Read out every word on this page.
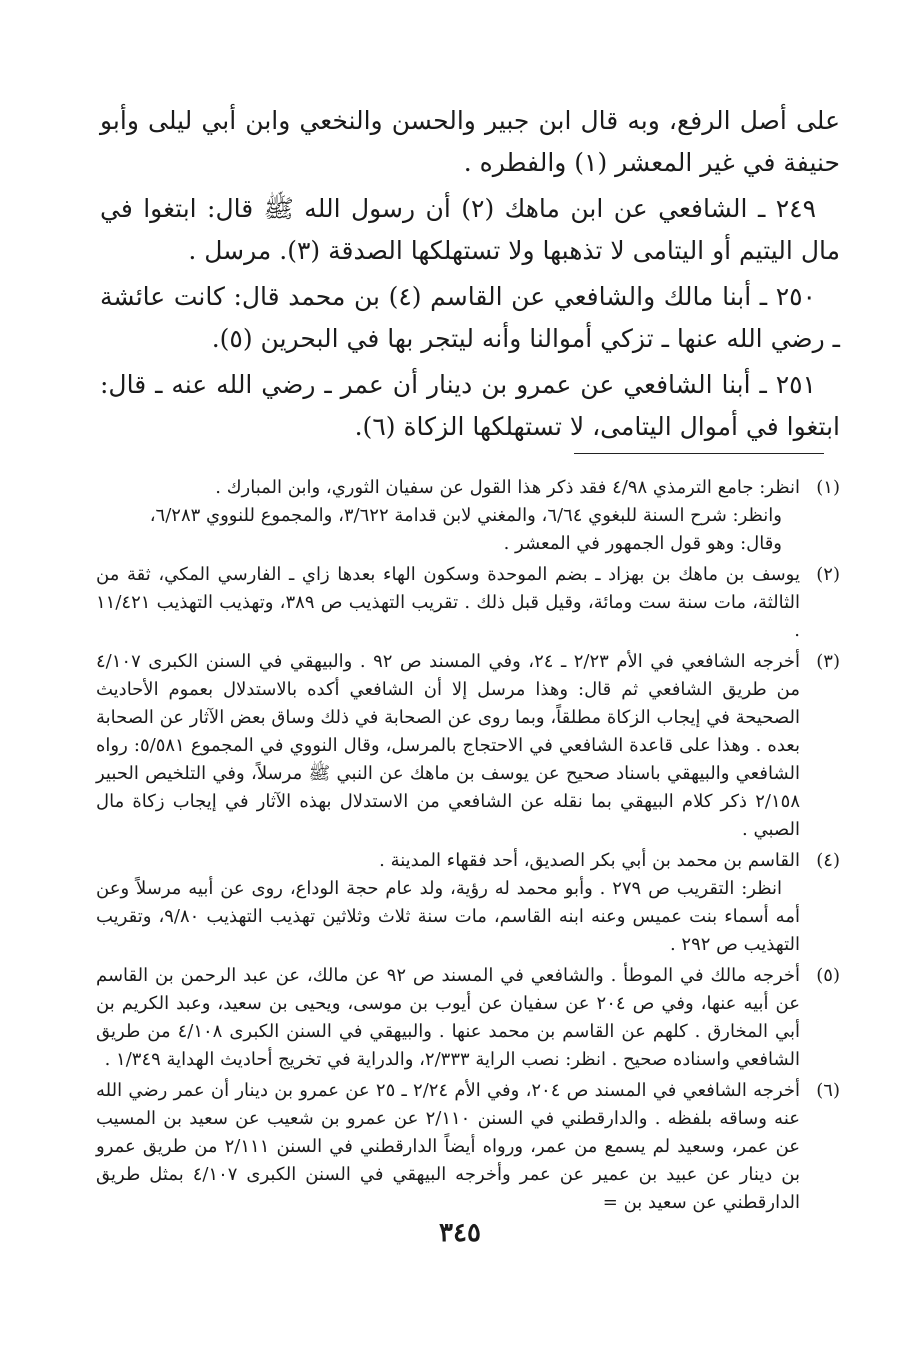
على أصل الرفع، وبه قال ابن جبير والحسن والنخعي وابن أبي ليلى وأبو حنيفة في غير المعشر (١) والفطره .

٢٤٩ ـ الشافعي عن ابن ماهك (٢) أن رسول الله ﷺ قال: ابتغوا في مال اليتيم أو اليتامى لا تذهبها ولا تستهلكها الصدقة (٣). مرسل .

٢٥٠ ـ أبنا مالك والشافعي عن القاسم (٤) بن محمد قال: كانت عائشة ـ رضي الله عنها ـ تزكي أموالنا وأنه ليتجر بها في البحرين (٥).

٢٥١ ـ أبنا الشافعي عن عمرو بن دينار أن عمر ـ رضي الله عنه ـ قال: ابتغوا في أموال اليتامى، لا تستهلكها الزكاة (٦).

(١)
انظر: جامع الترمذي ٤/٩٨ فقد ذكر هذا القول عن سفيان الثوري، وابن المبارك .
وانظر: شرح السنة للبغوي ٦/٦٤، والمغني لابن قدامة ٣/٦٢٢، والمجموع للنووي ٦/٢٨٣،
وقال: وهو قول الجمهور في المعشر .
(٢)
يوسف بن ماهك بن بهزاد ـ بضم الموحدة وسكون الهاء بعدها زاي ـ الفارسي المكي، ثقة من الثالثة، مات سنة ست ومائة، وقيل قبل ذلك . تقريب التهذيب ص ٣٨٩، وتهذيب التهذيب ١١/٤٢١ .
(٣)
أخرجه الشافعي في الأم ٢/٢٣ ـ ٢٤، وفي المسند ص ٩٢ . والبيهقي في السنن الكبرى ٤/١٠٧ من طريق الشافعي ثم قال: وهذا مرسل إلا أن الشافعي أكده بالاستدلال بعموم الأحاديث الصحيحة في إيجاب الزكاة مطلقاً، وبما روى عن الصحابة في ذلك وساق بعض الآثار عن الصحابة بعده . وهذا على قاعدة الشافعي في الاحتجاج بالمرسل، وقال النووي في المجموع ٥/٥٨١: رواه الشافعي والبيهقي باسناد صحيح عن يوسف بن ماهك عن النبي ﷺ مرسلاً، وفي التلخيص الحبير ٢/١٥٨ ذكر كلام البيهقي بما نقله عن الشافعي من الاستدلال بهذه الآثار في إيجاب زكاة مال الصبي .
(٤)
القاسم بن محمد بن أبي بكر الصديق، أحد فقهاء المدينة .
انظر: التقريب ص ٢٧٩ . وأبو محمد له رؤية، ولد عام حجة الوداع، روى عن أبيه مرسلاً وعن أمه أسماء بنت عميس وعنه ابنه القاسم، مات سنة ثلاث وثلاثين تهذيب التهذيب ٩/٨٠، وتقريب التهذيب ص ٢٩٢ .
(٥)
أخرجه مالك في الموطأ . والشافعي في المسند ص ٩٢ عن مالك، عن عبد الرحمن بن القاسم عن أبيه عنها، وفي ص ٢٠٤ عن سفيان عن أيوب بن موسى، ويحيى بن سعيد، وعبد الكريم بن أبي المخارق . كلهم عن القاسم بن محمد عنها . والبيهقي في السنن الكبرى ٤/١٠٨ من طريق الشافعي واسناده صحيح . انظر: نصب الراية ٢/٣٣٣، والدراية في تخريج أحاديث الهداية ١/٣٤٩ .
(٦)
أخرجه الشافعي في المسند ص ٢٠٤، وفي الأم ٢/٢٤ ـ ٢٥ عن عمرو بن دينار أن عمر رضي الله عنه وساقه بلفظه . والدارقطني في السنن ٢/١١٠ عن عمرو بن شعيب عن سعيد بن المسيب عن عمر، وسعيد لم يسمع من عمر، ورواه أيضاً الدارقطني في السنن ٢/١١١ من طريق عمرو بن دينار عن عبيد بن عمير عن عمر وأخرجه البيهقي في السنن الكبرى ٤/١٠٧ بمثل طريق الدارقطني عن سعيد بن =
٣٤٥
